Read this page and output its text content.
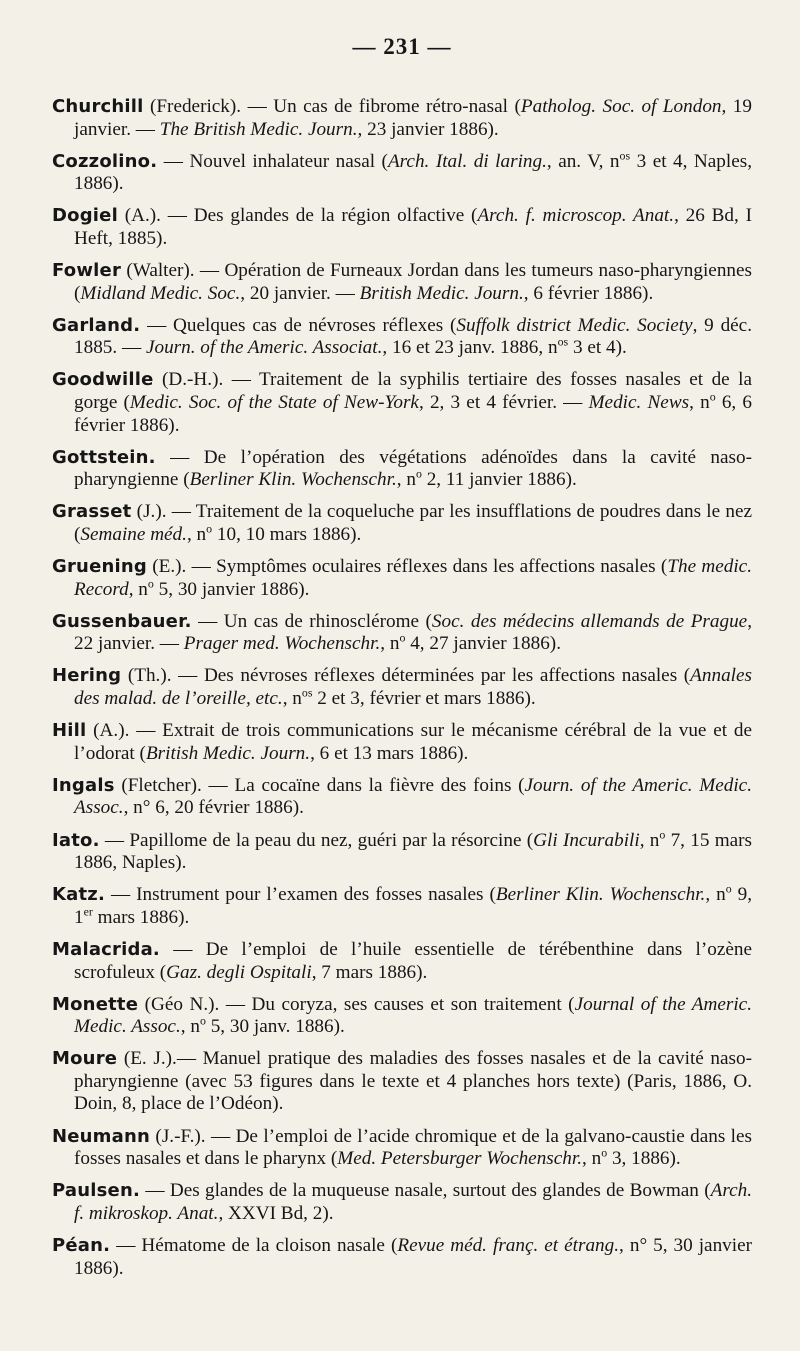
— 231 —
Churchill (Frederick). — Un cas de fibrome rétro-nasal (Patholog. Soc. of London, 19 janvier. — The British Medic. Journ., 23 janvier 1886).
Cozzolino. — Nouvel inhalateur nasal (Arch. Ital. di laring., an. V, $n^{os}$ 3 et 4, Naples, 1886).
Dogiel (A.). — Des glandes de la région olfactive (Arch. f. microscop. Anat., 26 Bd, I Heft, 1885).
Fowler (Walter). — Opération de Furneaux Jordan dans les tumeurs naso-pharyngiennes (Midland Medic. Soc., 20 janvier. — British Medic. Journ., 6 février 1886).
Garland. — Quelques cas de névroses réflexes (Suffolk district Medic. Society, 9 déc. 1885. — Journ. of the Americ. Associat., 16 et 23 janv. 1886, $n^{os}$ 3 et 4).
Goodwille (D.-H.). — Traitement de la syphilis tertiaire des fosses nasales et de la gorge (Medic. Soc. of the State of New-York, 2, 3 et 4 février. — Medic. News, $n^o$ 6, 6 février 1886).
Gottstein. — De l’opération des végétations adénoïdes dans la cavité naso-pharyngienne (Berliner Klin. Wochenschr., $n^o$ 2, 11 janvier 1886).
Grasset (J.). — Traitement de la coqueluche par les insufflations de poudres dans le nez (Semaine méd., $n^o$ 10, 10 mars 1886).
Gruening (E.). — Symptômes oculaires réflexes dans les affections nasales (The medic. Record, $n^o$ 5, 30 janvier 1886).
Gussenbauer. — Un cas de rhinosclérome (Soc. des médecins allemands de Prague, 22 janvier. — Prager med. Wochenschr., $n^o$ 4, 27 janvier 1886).
Hering (Th.). — Des névroses réflexes déterminées par les affections nasales (Annales des malad. de l’oreille, etc., $n^{os}$ 2 et 3, février et mars 1886).
Hill (A.). — Extrait de trois communications sur le mécanisme cérébral de la vue et de l’odorat (British Medic. Journ., 6 et 13 mars 1886).
Ingals (Fletcher). — La cocaïne dans la fièvre des foins (Journ. of the Americ. Medic. Assoc., n° 6, 20 février 1886).
Iato. — Papillome de la peau du nez, guéri par la résorcine (Gli Incurabili, $n^o$ 7, 15 mars 1886, Naples).
Katz. — Instrument pour l’examen des fosses nasales (Berliner Klin. Wochenschr., $n^o$ 9, 1er mars 1886).
Malacrida. — De l’emploi de l’huile essentielle de térébenthine dans l’ozène scrofuleux (Gaz. degli Ospitali, 7 mars 1886).
Monette (Géo N.). — Du coryza, ses causes et son traitement (Journal of the Americ. Medic. Assoc., $n^o$ 5, 30 janv. 1886).
Moure (E. J.).— Manuel pratique des maladies des fosses nasales et de la cavité naso-pharyngienne (avec 53 figures dans le texte et 4 planches hors texte) (Paris, 1886, O. Doin, 8, place de l’Odéon).
Neumann (J.-F.). — De l’emploi de l’acide chromique et de la galvano-caustie dans les fosses nasales et dans le pharynx (Med. Petersburger Wochenschr., $n^o$ 3, 1886).
Paulsen. — Des glandes de la muqueuse nasale, surtout des glandes de Bowman (Arch. f. mikroskop. Anat., XXVI Bd, 2).
Péan. — Hématome de la cloison nasale (Revue méd. franç. et étrang., n° 5, 30 janvier 1886).
